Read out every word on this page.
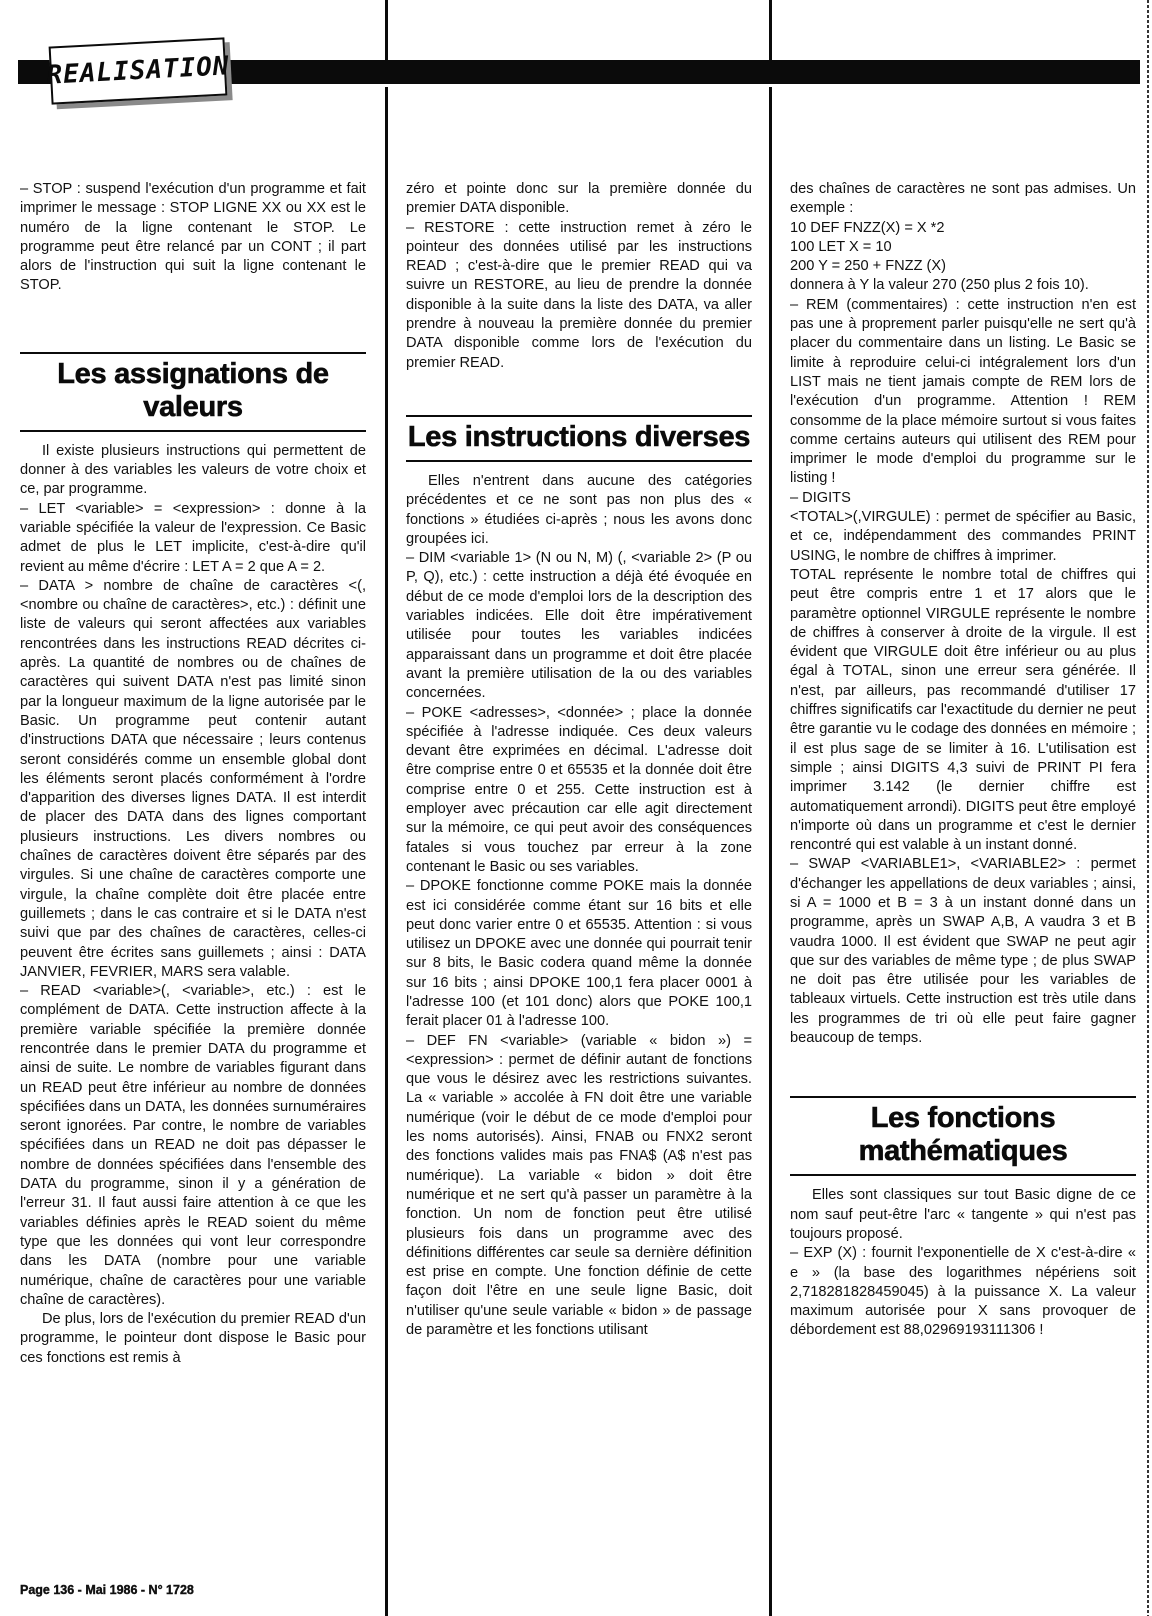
REALISATION

– STOP : suspend l'exécution d'un programme et fait imprimer le message : STOP LIGNE XX ou XX est le numéro de la ligne contenant le STOP. Le programme peut être relancé par un CONT ; il part alors de l'instruction qui suit la ligne contenant le STOP.

Les assignations de valeurs

Il existe plusieurs instructions qui permettent de donner à des variables les valeurs de votre choix et ce, par programme.

– LET <variable> = <expression> : donne à la variable spécifiée la valeur de l'expression. Ce Basic admet de plus le LET implicite, c'est-à-dire qu'il revient au même d'écrire : LET A = 2 que A = 2.

– DATA > nombre de chaîne de caractères <(, <nombre ou chaîne de caractères>, etc.) : définit une liste de valeurs qui seront affectées aux variables rencontrées dans les instructions READ décrites ci-après. La quantité de nombres ou de chaînes de caractères qui suivent DATA n'est pas limité sinon par la longueur maximum de la ligne autorisée par le Basic. Un programme peut contenir autant d'instructions DATA que nécessaire ; leurs contenus seront considérés comme un ensemble global dont les éléments seront placés conformément à l'ordre d'apparition des diverses lignes DATA. Il est interdit de placer des DATA dans des lignes comportant plusieurs instructions. Les divers nombres ou chaînes de caractères doivent être séparés par des virgules. Si une chaîne de caractères comporte une virgule, la chaîne complète doit être placée entre guillemets ; dans le cas contraire et si le DATA n'est suivi que par des chaînes de caractères, celles-ci peuvent être écrites sans guillemets ; ainsi : DATA JANVIER, FEVRIER, MARS sera valable.

– READ <variable>(, <variable>, etc.) : est le complément de DATA. Cette instruction affecte à la première variable spécifiée la première donnée rencontrée dans le premier DATA du programme et ainsi de suite. Le nombre de variables figurant dans un READ peut être inférieur au nombre de données spécifiées dans un DATA, les données surnuméraires seront ignorées. Par contre, le nombre de variables spécifiées dans un READ ne doit pas dépasser le nombre de données spécifiées dans l'ensemble des DATA du programme, sinon il y a génération de l'erreur 31. Il faut aussi faire attention à ce que les variables définies après le READ soient du même type que les données qui vont leur correspondre dans les DATA (nombre pour une variable numérique, chaîne de caractères pour une variable chaîne de caractères).

De plus, lors de l'exécution du premier READ d'un programme, le pointeur dont dispose le Basic pour ces fonctions est remis à

zéro et pointe donc sur la première donnée du premier DATA disponible.

– RESTORE : cette instruction remet à zéro le pointeur des données utilisé par les instructions READ ; c'est-à-dire que le premier READ qui va suivre un RESTORE, au lieu de prendre la donnée disponible à la suite dans la liste des DATA, va aller prendre à nouveau la première donnée du premier DATA disponible comme lors de l'exécution du premier READ.

Les instructions diverses

Elles n'entrent dans aucune des catégories précédentes et ce ne sont pas non plus des « fonctions » étudiées ci-après ; nous les avons donc groupées ici.

– DIM <variable 1> (N ou N, M) (, <variable 2> (P ou P, Q), etc.) : cette instruction a déjà été évoquée en début de ce mode d'emploi lors de la description des variables indicées. Elle doit être impérativement utilisée pour toutes les variables indicées apparaissant dans un programme et doit être placée avant la première utilisation de la ou des variables concernées.

– POKE <adresses>, <donnée> ; place la donnée spécifiée à l'adresse indiquée. Ces deux valeurs devant être exprimées en décimal. L'adresse doit être comprise entre 0 et 65535 et la donnée doit être comprise entre 0 et 255. Cette instruction est à employer avec précaution car elle agit directement sur la mémoire, ce qui peut avoir des conséquences fatales si vous touchez par erreur à la zone contenant le Basic ou ses variables.

– DPOKE fonctionne comme POKE mais la donnée est ici considérée comme étant sur 16 bits et elle peut donc varier entre 0 et 65535. Attention : si vous utilisez un DPOKE avec une donnée qui pourrait tenir sur 8 bits, le Basic codera quand même la donnée sur 16 bits ; ainsi DPOKE 100,1 fera placer 0001 à l'adresse 100 (et 101 donc) alors que POKE 100,1 ferait placer 01 à l'adresse 100.

– DEF FN <variable> (variable « bidon ») = <expression> : permet de définir autant de fonctions que vous le désirez avec les restrictions suivantes. La « variable » accolée à FN doit être une variable numérique (voir le début de ce mode d'emploi pour les noms autorisés). Ainsi, FNAB ou FNX2 seront des fonctions valides mais pas FNA$ (A$ n'est pas numérique). La variable « bidon » doit être numérique et ne sert qu'à passer un paramètre à la fonction. Un nom de fonction peut être utilisé plusieurs fois dans un programme avec des définitions différentes car seule sa dernière définition est prise en compte. Une fonction définie de cette façon doit l'être en une seule ligne Basic, doit n'utiliser qu'une seule variable « bidon » de passage de paramètre et les fonctions utilisant

des chaînes de caractères ne sont pas admises. Un exemple :

10 DEF FNZZ(X) = X *2

100 LET X = 10

200 Y = 250 + FNZZ (X)

donnera à Y la valeur 270 (250 plus 2 fois 10).

– REM (commentaires) : cette instruction n'en est pas une à proprement parler puisqu'elle ne sert qu'à placer du commentaire dans un listing. Le Basic se limite à reproduire celui-ci intégralement lors d'un LIST mais ne tient jamais compte de REM lors de l'exécution d'un programme. Attention ! REM consomme de la place mémoire surtout si vous faites comme certains auteurs qui utilisent des REM pour imprimer le mode d'emploi du programme sur le listing !

– DIGITS

<TOTAL>(,VIRGULE) : permet de spécifier au Basic, et ce, indépendamment des commandes PRINT USING, le nombre de chiffres à imprimer.

TOTAL représente le nombre total de chiffres qui peut être compris entre 1 et 17 alors que le paramètre optionnel VIRGULE représente le nombre de chiffres à conserver à droite de la virgule. Il est évident que VIRGULE doit être inférieur ou au plus égal à TOTAL, sinon une erreur sera générée. Il n'est, par ailleurs, pas recommandé d'utiliser 17 chiffres significatifs car l'exactitude du dernier ne peut être garantie vu le codage des données en mémoire ; il est plus sage de se limiter à 16. L'utilisation est simple ; ainsi DIGITS 4,3 suivi de PRINT PI fera imprimer 3.142 (le dernier chiffre est automatiquement arrondi). DIGITS peut être employé n'importe où dans un programme et c'est le dernier rencontré qui est valable à un instant donné.

– SWAP <VARIABLE1>, <VARIABLE2> : permet d'échanger les appellations de deux variables ; ainsi, si A = 1000 et B = 3 à un instant donné dans un programme, après un SWAP A,B, A vaudra 3 et B vaudra 1000. Il est évident que SWAP ne peut agir que sur des variables de même type ; de plus SWAP ne doit pas être utilisée pour les variables de tableaux virtuels. Cette instruction est très utile dans les programmes de tri où elle peut faire gagner beaucoup de temps.

Les fonctions mathématiques

Elles sont classiques sur tout Basic digne de ce nom sauf peut-être l'arc « tangente » qui n'est pas toujours proposé.

– EXP (X) : fournit l'exponentielle de X c'est-à-dire « e » (la base des logarithmes népériens soit 2,718281828459045) à la puissance X. La valeur maximum autorisée pour X sans provoquer de débordement est 88,02969193111306 !

Page 136 - Mai 1986 - N° 1728
